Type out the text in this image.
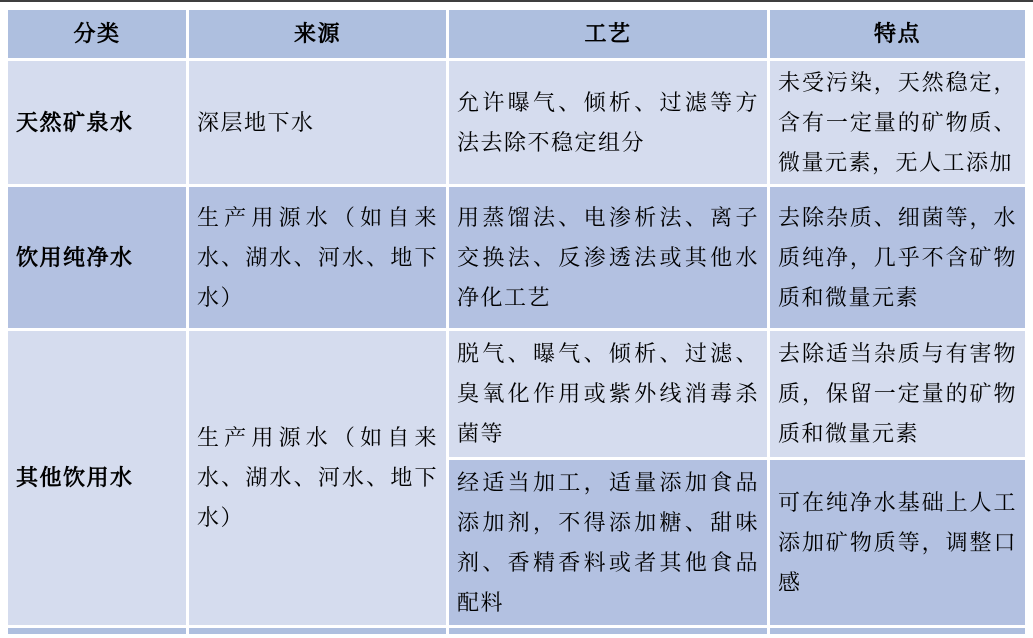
分类	来源	工艺	特点
天然矿泉水	深层地下水	允许曝气、倾析、过滤等方法去除不稳定组分	未受污染，天然稳定，含有一定量的矿物质、微量元素，无人工添加
饮用纯净水	生产用源水（如自来水、湖水、河水、地下水）	用蒸馏法、电渗析法、离子交换法、反渗透法或其他水净化工艺	去除杂质、细菌等，水质纯净，几乎不含矿物质和微量元素
其他饮用水	生产用源水（如自来水、湖水、河水、地下水）	脱气、曝气、倾析、过滤、臭氧化作用或紫外线消毒杀菌等	去除适当杂质与有害物质，保留一定量的矿物质和微量元素
		经适当加工，适量添加食品添加剂，不得添加糖、甜味剂、香精香料或者其他食品配料	可在纯净水基础上人工添加矿物质等，调整口感
